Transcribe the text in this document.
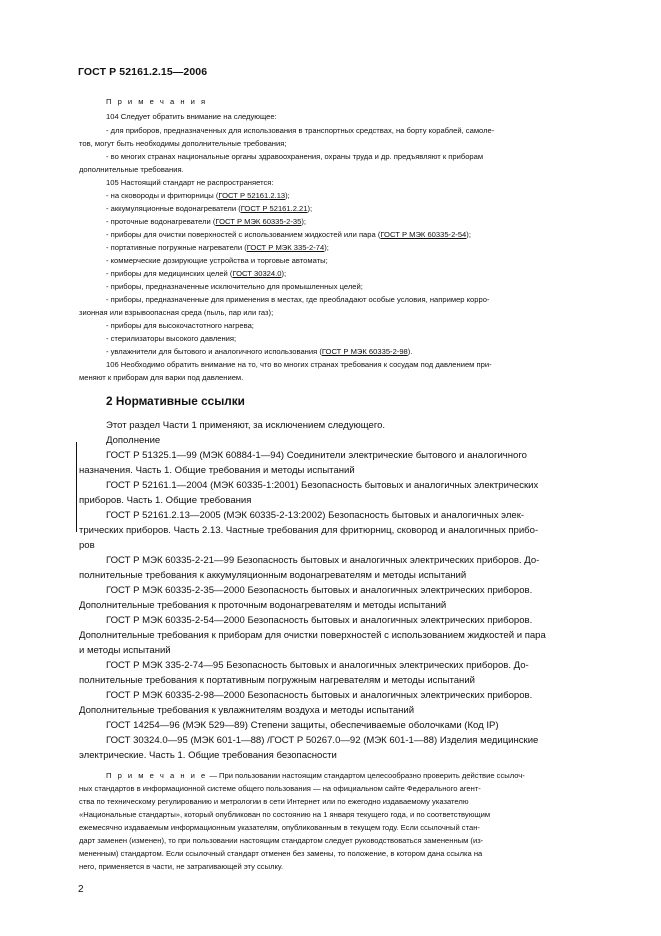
ГОСТ Р 52161.2.15—2006
П р и м е ч а н и я
104 Следует обратить внимание на следующее:
- для приборов, предназначенных для использования в транспортных средствах, на борту кораблей, самоле-
тов, могут быть необходимы дополнительные требования;
- во многих странах национальные органы здравоохранения, охраны труда и др. предъявляют к приборам
дополнительные требования.
105 Настоящий стандарт не распространяется:
- на сковороды и фритюрницы (ГОСТ Р 52161.2.13);
- аккумуляционные водонагреватели (ГОСТ Р 52161.2.21);
- проточные водонагреватели (ГОСТ Р МЭК 60335-2-35);
- приборы для очистки поверхностей с использованием жидкостей или пара (ГОСТ Р МЭК 60335-2-54);
- портативные погружные нагреватели (ГОСТ Р МЭК 335-2-74);
- коммерческие дозирующие устройства и торговые автоматы;
- приборы для медицинских целей (ГОСТ 30324.0);
- приборы, предназначенные исключительно для промышленных целей;
- приборы, предназначенные для применения в местах, где преобладают особые условия, например корро-
зионная или взрывоопасная среда (пыль, пар или газ);
- приборы для высокочастотного нагрева;
- стерилизаторы высокого давления;
- увлажнители для бытового и аналогичного использования (ГОСТ Р МЭК 60335-2-98).
106 Необходимо обратить внимание на то, что во многих странах требования к сосудам под давлением при-
меняют к приборам для варки под давлением.
2 Нормативные ссылки
Этот раздел Части 1 применяют, за исключением следующего.
Дополнение
ГОСТ Р 51325.1—99 (МЭК 60884-1—94) Соединители электрические бытового и аналогичного
назначения. Часть 1. Общие требования и методы испытаний
ГОСТ Р 52161.1—2004 (МЭК 60335-1:2001) Безопасность бытовых и аналогичных электрических
приборов. Часть 1. Общие требования
ГОСТ Р 52161.2.13—2005 (МЭК 60335-2-13:2002) Безопасность бытовых и аналогичных элек-
трических приборов. Часть 2.13. Частные требования для фритюрниц, сковород и аналогичных прибо-
ров
ГОСТ Р МЭК 60335-2-21—99 Безопасность бытовых и аналогичных электрических приборов. До-
полнительные требования к аккумуляционным водонагревателям и методы испытаний
ГОСТ Р МЭК 60335-2-35—2000 Безопасность бытовых и аналогичных электрических приборов.
Дополнительные требования к проточным водонагревателям и методы испытаний
ГОСТ Р МЭК 60335-2-54—2000 Безопасность бытовых и аналогичных электрических приборов.
Дополнительные требования к приборам для очистки поверхностей с использованием жидкостей и пара
и методы испытаний
ГОСТ Р МЭК 335-2-74—95 Безопасность бытовых и аналогичных электрических приборов. До-
полнительные требования к портативным погружным нагревателям и методы испытаний
ГОСТ Р МЭК 60335-2-98—2000 Безопасность бытовых и аналогичных электрических приборов.
Дополнительные требования к увлажнителям воздуха и методы испытаний
ГОСТ 14254—96 (МЭК 529—89) Степени защиты, обеспечиваемые оболочками (Код IP)
ГОСТ 30324.0—95 (МЭК 601-1—88) /ГОСТ Р 50267.0—92 (МЭК 601-1—88) Изделия медицинские
электрические. Часть 1. Общие требования безопасности
П р и м е ч а н и е — При пользовании настоящим стандартом целесообразно проверить действие ссылоч-
ных стандартов в информационной системе общего пользования — на официальном сайте Федерального агент-
ства по техническому регулированию и метрологии в сети Интернет или по ежегодно издаваемому указателю
«Национальные стандарты», который опубликован по состоянию на 1 января текущего года, и по соответствующим
ежемесячно издаваемым информационным указателям, опубликованным в текущем году. Если ссылочный стан-
дарт заменен (изменен), то при пользовании настоящим стандартом следует руководствоваться замененным (из-
мененным) стандартом. Если ссылочный стандарт отменен без замены, то положение, в котором дана ссылка на
него, применяется в части, не затрагивающей эту ссылку.
2
